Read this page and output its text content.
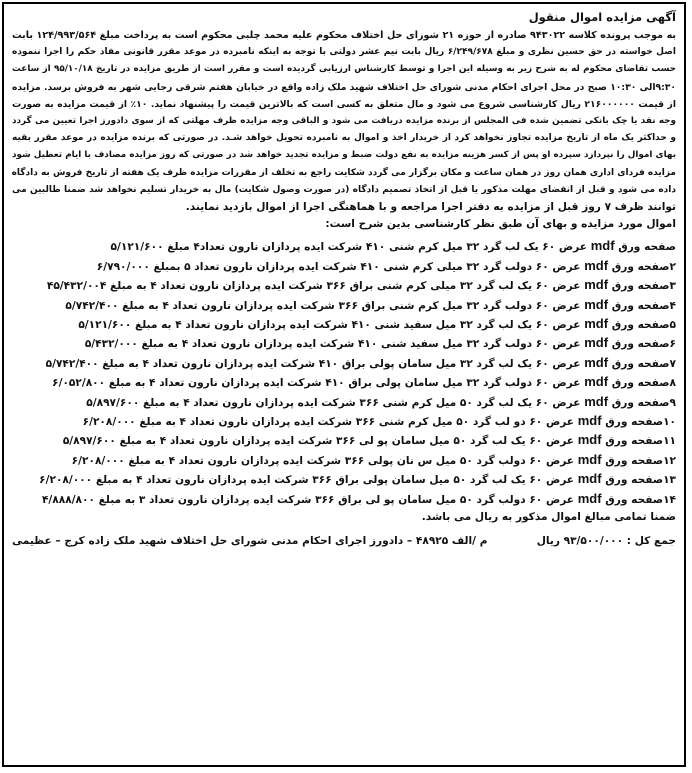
آگهی مزایده اموال منقول

به موجب پرونده کلاسه ۹۴۳۰۲۲ صادره از حوزه ۲۱ شورای حل اختلاف محکوم علیه محمد چلبی محکوم است به پرداخت مبلغ ۱۲۴/۹۹۳/۵۶۴ بابت

اصل خواسته در حق حسین نظری و مبلغ ۶/۲۴۹/۶۷۸ ریال بابت نیم عشر دولتی با توجه به اینکه نامبرده در موعد مقرر قانونی مفاد حکم را اجرا ننموده

حسب تقاضای محکوم له به شرح زیر به وسیله این اجرا و توسط کارشناس ارزیابی گردیده است و مقرر است از طریق مزایده در تاریخ ۹۵/۱۰/۱۸ از ساعت

۹:۳۰الی ۱۰:۳۰ صبح در محل اجرای احکام مدنی شورای حل اختلاف شهید ملک زاده واقع در خیابان هفتم شرقی رجایی شهر به فروش برسد. مزایده

از قیمت ۲۱۶۰۰۰۰۰۰ ریال کارشناسی شروع می شود و مال متعلق به کسی است که بالاترین قیمت را پیشنهاد نماید. ۱۰٪ از قیمت مزایده به صورت

وجه نقد یا چک بانکی تضمین شده فی المجلس از برنده مزایده دریافت می شود و الباقی وجه مزایده ظرف مهلتی که از سوی دادورز اجرا تعیین می گردد

و حداکثر یک ماه از تاریخ مزایده تجاوز نخواهد کرد از خریدار اخذ و اموال به نامبرده تحویل خواهد شـد. در صورتی که برنده مزایده در موعد مقرر بقیه

بهای اموال را نپردازد سپرده او پس از کسر هزینه مزایده به نفع دولت ضبط و مزایده تجدید خواهد شد در صورتی که روز مزایده مصادف با ایام تعطیل شود

مزایده فردای اداری همان روز در همان ساعت و مکان برگزار می گردد شکایت راجع به تخلف از مقررات مزایده ظرف یک هفته از تاریخ فروش به دادگاه

داده می شود و قبل از انقضای مهلت مذکور یا قبل از اتخاذ تصمیم دادگاه (در صورت وصول شکایت) مال به خریدار تسلیم نخواهد شد ضمنا طالبین می

توانند ظرف ۷ روز قبل از مزایده به دفتر اجرا مراجعه و با هماهنگی اجرا از اموال بازدید نمایند.

اموال مورد مزایده و بهای آن طبق نظر کارشناسی بدین شرح است:

صفحه ورق mdf عرض ۶۰ یک لب گرد ۳۲ میل کرم شنی ۴۱۰ شرکت ایده پردازان نارون تعداد۴ مبلغ ۵/۱۲۱/۶۰۰

۲صفحه ورق mdf عرض ۶۰ دولب گرد ۳۲ میلی کرم شنی ۴۱۰ شرکت ایده پردازان نارون تعداد ۵ بمبلغ ۶/۷۹۰/۰۰۰

۳صفحه ورق mdf عرض ۶۰ یک لب گرد ۳۲ میلی کرم شنی براق ۳۶۶ شرکت ایده پردازان نارون تعداد ۴ به مبلغ ۴۵/۴۳۲/۰۰۴

۴صفحه ورق mdf عرض ۶۰ دولب گرد ۳۲ میل کرم شنی براق ۳۶۶ شرکت ایده پردازان نارون تعداد ۴ به مبلغ ۵/۷۴۲/۴۰۰

۵صفحه ورق mdf عرض ۶۰ یک لب گرد ۳۲ میل سفید شنی ۴۱۰ شرکت ایده پردازان نارون تعداد ۴ به مبلغ ۵/۱۲۱/۶۰۰

۶صفحه ورق mdf عرض ۶۰ دولب گرد ۳۲ میل سفید شنی ۴۱۰ شرکت ایده پردازان نارون تعداد ۴ به مبلغ ۵/۴۳۲/۰۰۰

۷صفحه ورق mdf عرض ۶۰ یک لب گرد ۳۲ میل سامان پولی براق ۴۱۰ شرکت ایده پردازان نارون تعداد ۴ به مبلغ ۵/۷۴۲/۴۰۰

۸صفحه ورق mdf عرض ۶۰ دولب گرد ۳۲ میل سامان پولی براق ۴۱۰ شرکت ایده پردازان نارون تعداد ۴ به مبلغ ۶/۰۵۲/۸۰۰

۹صفحه ورق mdf عرض ۶۰ یک لب گرد ۵۰ میل کرم شنی ۳۶۶ شرکت ایده پردازان نارون تعداد ۴ به مبلغ ۵/۸۹۷/۶۰۰

۱۰صفحه ورق mdf عرض ۶۰ دو لب گرد ۵۰ میل کرم شنی ۳۶۶ شرکت ایده پردازان نارون تعداد ۴ به مبلغ ۶/۲۰۸/۰۰۰

۱۱صفحه ورق mdf عرض ۶۰ یک لب گرد ۵۰ میل سامان پو لی ۳۶۶ شرکت ایده پردازان نارون تعداد ۴ به مبلغ ۵/۸۹۷/۶۰۰

۱۲صفحه ورق mdf عرض ۶۰ دولب گرد ۵۰ میل س نان پولی ۳۶۶ شرکت ایده پردازان نارون تعداد ۴ به مبلغ ۶/۲۰۸/۰۰۰

۱۳صفحه ورق mdf عرض ۶۰ یک لب گرد ۵۰ میل سامان پولی براق ۳۶۶ شرکت ایده پردازان نارون تعداد ۴ به مبلغ ۶/۲۰۸/۰۰۰

۱۴صفحه ورق mdf عرض ۶۰ دولب گرد ۵۰ میل سامان پو لی براق ۳۶۶ شرکت ایده پردازان نارون تعداد ۳ به مبلغ ۴/۸۸۸/۸۰۰

ضمنا تمامی مبالغ اموال مذکور به ریال می باشد.

جمع کل : ۹۳/۵۰۰/۰۰۰ ریال
م /الف ۴۸۹۲۵ – دادورز اجرای احکام مدنی شورای حل اختلاف شهید ملک زاده کرج – عظیمی
